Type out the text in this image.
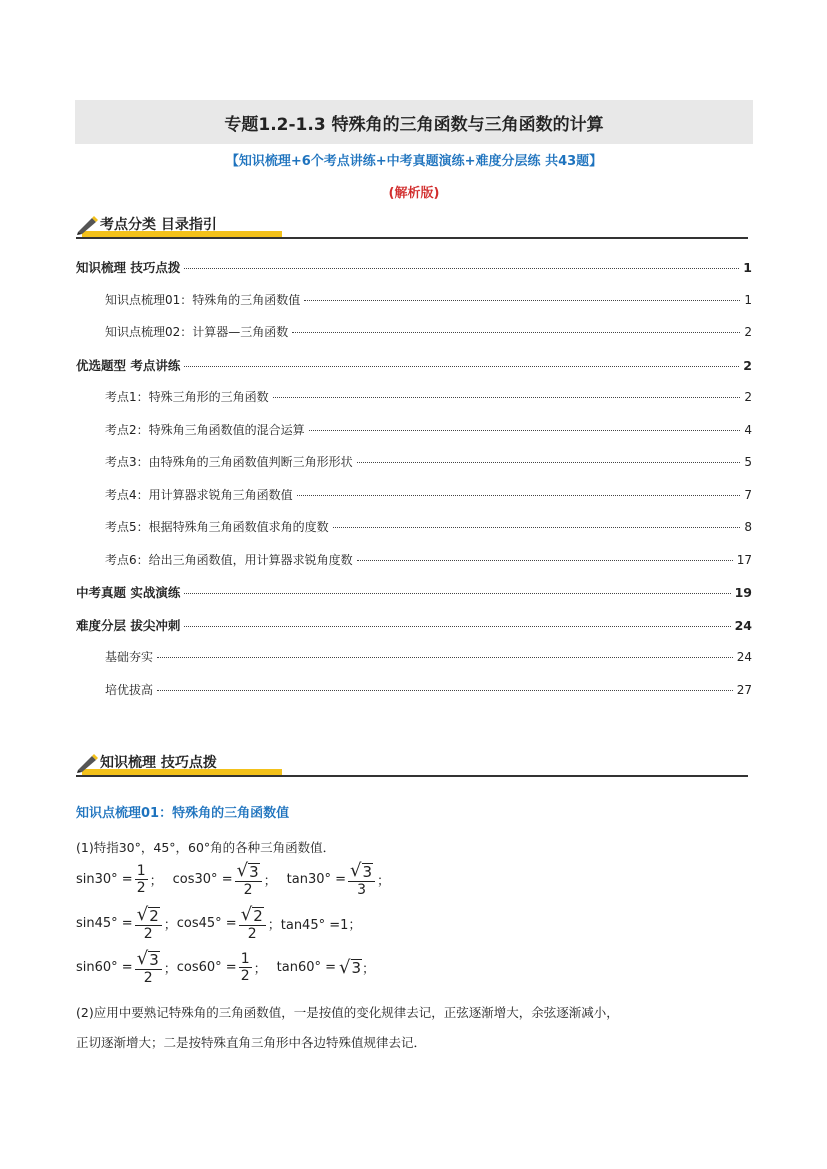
专题1.2-1.3 特殊角的三角函数与三角函数的计算
【知识梳理+6个考点讲练+中考真题演练+难度分层练 共43题】
(解析版)
考点分类 目录指引
知识梳理 技巧点拨	1
知识点梳理01：特殊角的三角函数值	1
知识点梳理02：计算器—三角函数	2
优选题型 考点讲练	2
考点1：特殊三角形的三角函数	2
考点2：特殊角三角函数值的混合运算	4
考点3：由特殊角的三角函数值判断三角形形状	5
考点4：用计算器求锐角三角函数值	7
考点5：根据特殊角三角函数值求角的度数	8
考点6：给出三角函数值，用计算器求锐角度数	17
中考真题 实战演练	19
难度分层 拔尖冲刺	24
基础夯实	24
培优拔高	27
知识梳理 技巧点拨
知识点梳理01：特殊角的三角函数值
(1)特指30°，45°，60°角的各种三角函数值．
$\sin 30^\circ = \frac{1}{2}$ ； $\cos 30^\circ = \frac{√ 3}{2}$ ； $\tan 30^\circ = \frac{√ 3}{3}$ ；
$\sin 45^\circ = \frac{√ 2}{2}$ ； $\cos 45^\circ = \frac{√ 2}{2}$ ； tan45° =1；
$\sin 60^\circ = \frac{√ 3}{2}$ ； $\cos 60^\circ = \frac{1}{2}$ ； tan60° = √ 3 ；
(2)应用中要熟记特殊角的三角函数值，一是按值的变化规律去记，正弦逐渐增大，余弦逐渐减小，
正切逐渐增大；二是按特殊直角三角形中各边特殊值规律去记．
